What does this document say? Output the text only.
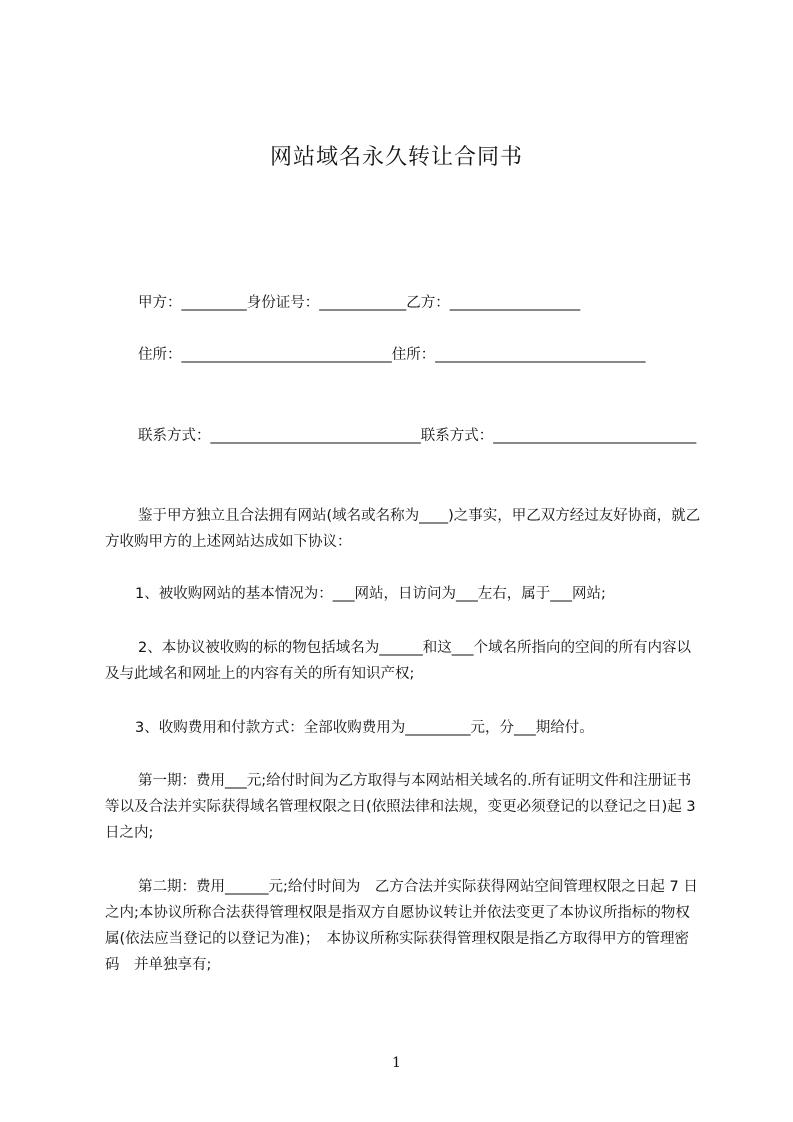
网站域名永久转让合同书

甲方：_________身份证号：____________乙方：__________________

住所：_____________________________住所：_____________________________

联系方式：_____________________________联系方式：____________________________

鉴于甲方独立且合法拥有网站(域名或名称为____)之事实，甲乙双方经过友好协商，就乙方收购甲方的上述网站达成如下协议：

1、被收购网站的基本情况为：___网站，日访问为___左右，属于___网站;

2、本协议被收购的标的物包括域名为______和这___个域名所指向的空间的所有内容以及与此域名和网址上的内容有关的所有知识产权;

3、收购费用和付款方式：全部收购费用为_________元，分___期给付。

第一期：费用___元;给付时间为乙方取得与本网站相关域名的.所有证明文件和注册证书等以及合法并实际获得域名管理权限之日(依照法律和法规，变更必须登记的以登记之日)起 3 日之内;

第二期：费用______元;给付时间为　乙方合法并实际获得网站空间管理权限之日起 7 日之内;本协议所称合法获得管理权限是指双方自愿协议转让并依法变更了本协议所指标的物权属(依法应当登记的以登记为准)；　本协议所称实际获得管理权限是指乙方取得甲方的管理密码　并单独享有;

1
